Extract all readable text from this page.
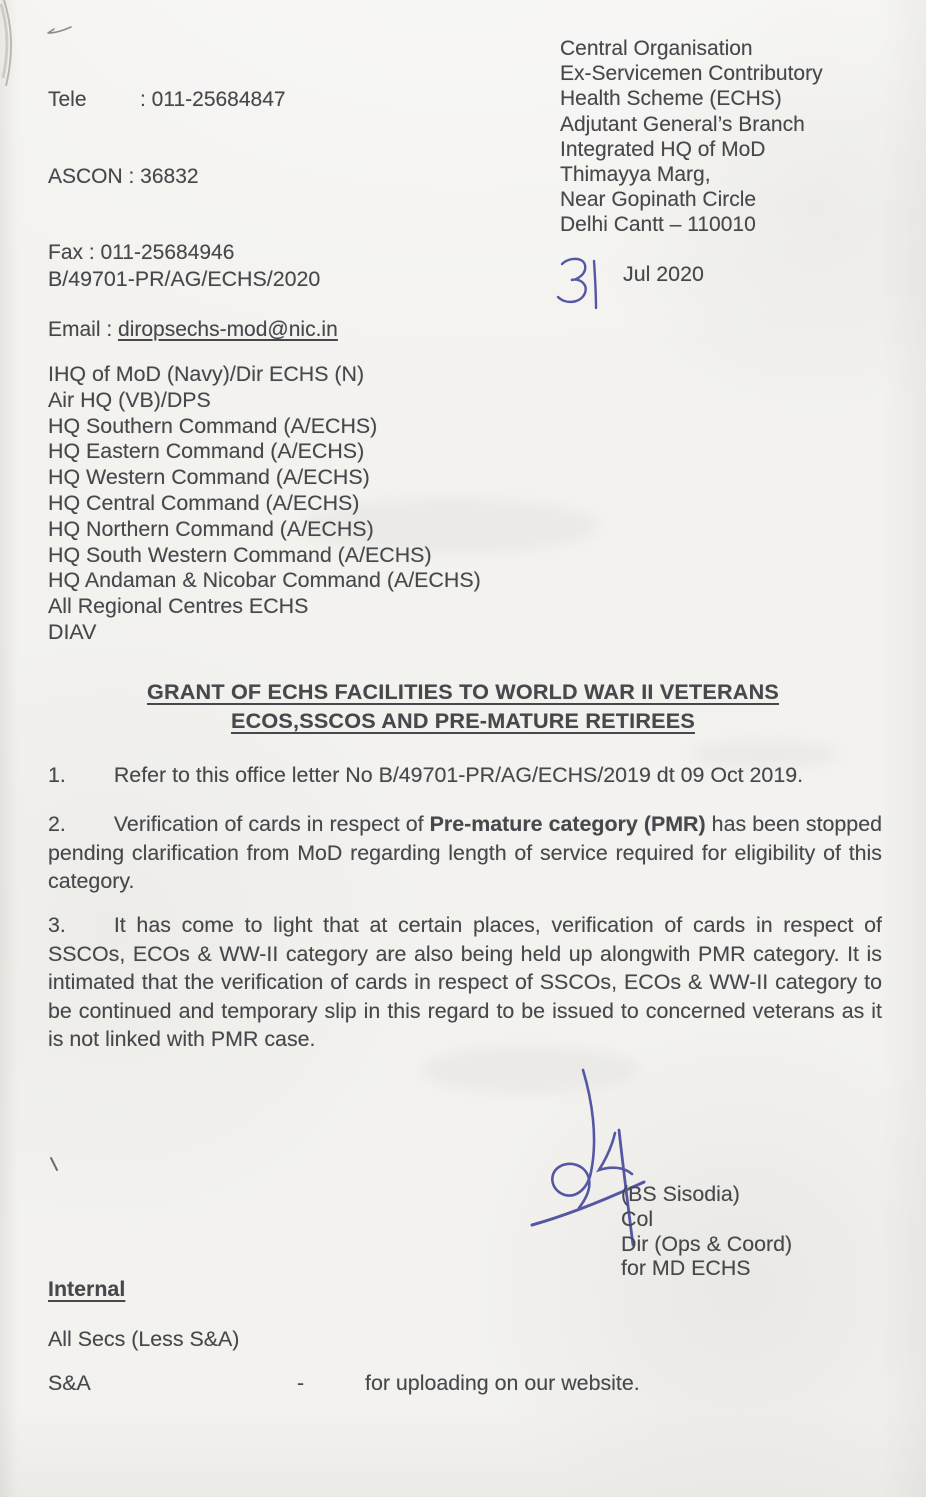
Tele	: 011-25684847

ASCON : 36832

Fax : 011-25684946

Email : diropsechs-mod@nic.in

Central Organisation
Ex-Servicemen Contributory
Health Scheme (ECHS)
Adjutant General’s Branch
Integrated HQ of MoD
Thimayya Marg,
Near Gopinath Circle
Delhi Cantt – 110010
B/49701-PR/AG/ECHS/2020	Jul 2020
IHQ of MoD (Navy)/Dir ECHS (N)
Air HQ (VB)/DPS
HQ Southern Command (A/ECHS)
HQ Eastern Command (A/ECHS)
HQ Western Command (A/ECHS)
HQ Central Command (A/ECHS)
HQ Northern Command (A/ECHS)
HQ South Western Command (A/ECHS)
HQ Andaman & Nicobar Command (A/ECHS)
All Regional Centres ECHS
DIAV
GRANT OF ECHS FACILITIES TO WORLD WAR II VETERANS
ECOS,SSCOS AND PRE-MATURE RETIREES
1. Refer to this office letter No B/49701-PR/AG/ECHS/2019 dt 09 Oct 2019.
2. Verification of cards in respect of Pre-mature category (PMR) has been stopped pending clarification from MoD regarding length of service required for eligibility of this category.
3. It has come to light that at certain places, verification of cards in respect of SSCOs, ECOs & WW-II category are also being held up alongwith PMR category. It is intimated that the verification of cards in respect of SSCOs, ECOs & WW-II category to be continued and temporary slip in this regard to be issued to concerned veterans as it is not linked with PMR case.
(BS Sisodia)
Col
Dir (Ops & Coord)
for MD ECHS
Internal
All Secs (Less S&A)
S&A	-	for uploading on our website.
